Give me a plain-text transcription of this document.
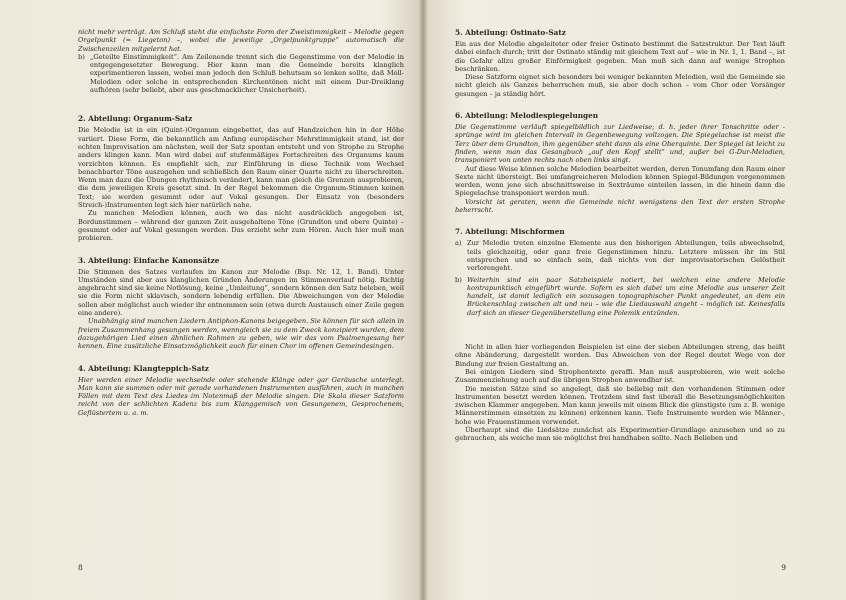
nicht mehr verträgt. Am Schluß steht die einfachste Form der Zweistimmigkeit – Melodie gegen Orgelpunkt (= Liegeton) –, wobei die jeweilige „Orgelpunktgruppe“ automatisch die Zwischenzeilen mitgelernt hat.

b) „Geteilte Einstimmigkeit“. Am Zeilenende trennt sich die Gegenstimme von der Melodie in entgegengesetzter Bewegung. Hier kann man die Gemeinde bereits klanglich experimentieren lassen, wobei man jedoch den Schluß behutsam so lenken sollte, daß Moll-Melodien oder solche in entsprechenden Kirchentönen nicht mit einem Dur-Dreiklang aufhören (sehr beliebt, aber aus geschmacklicher Unsicherheit).
2. Abteilung: Organum-Satz

Die Melodie ist in ein (Quint-)Organum eingebettet, das auf Handzeichen hin in der Höhe variiert. Diese Form, die bekanntlich am Anfang europäischer Mehrstimmigkeit stand, ist der echten Improvisation am nächsten, weil der Satz spontan entsteht und von Strophe zu Strophe anders klingen kann. Man wird dabei auf stufenmäßiges Fortschreiten des Organums kaum verzichten können. Es empfiehlt sich, zur Einführung in diese Technik vom Wechsel benachbarter Töne auszugehen und schließlich den Raum einer Quarte nicht zu überschreiten. Wenn man dazu die Übungen rhythmisch verändert, kann man gleich die Grenzen ausprobieren, die dem jeweiligen Kreis gesetzt sind. In der Regel bekommen die Organum-Stimmen keinen Text; sie werden gesummt oder auf Vokal gesungen. Der Einsatz von (besonders Streich-)Instrumenten legt sich hier natürlich nahe.

Zu manchen Melodien können, auch wo das nicht ausdrücklich angegeben ist, Bordunstimmen – während der ganzen Zeit ausgehaltene Töne (Grundton und obere Quinte) – gesummt oder auf Vokal gesungen werden. Das erzieht sehr zum Hören. Auch hier muß man probieren.

3. Abteilung: Einfache Kanonsätze

Die Stimmen des Satzes verlaufen im Kanon zur Melodie (Bsp. Nr. 12, 1. Band). Unter Umständen sind aber aus klanglichen Gründen Änderungen im Stimmenverlauf nötig. Richtig angebracht sind sie keine Notlösung, keine „Umleitung“, sondern können den Satz beleben, weil sie die Form nicht sklavisch, sondern lebendig erfüllen. Die Abweichungen von der Melodie sollen aber möglichst auch wieder ihr entnommen sein (etwa durch Austausch einer Zeile gegen eine andere).

Unabhängig sind manchen Liedern Antiphon-Kanons beigegeben. Sie können für sich allein in freiem Zusammenhang gesungen werden, wenngleich sie zu dem Zweck konzipiert wurden, dem dazugehörigen Lied einen ähnlichen Rahmen zu geben, wie wir das vom Psalmengesang her kennen. Eine zusätzliche Einsatzmöglichkeit auch für einen Chor im offenen Gemeindesingen.

4. Abteilung: Klangteppich-Satz

Hier werden einer Melodie wechselnde oder stehende Klänge oder gar Geräusche unterlegt. Man kann sie summen oder mit gerade vorhandenen Instrumenten ausführen, auch in manchen Fällen mit dem Text des Liedes im Notenmaß der Melodie singen. Die Skala dieser Satzform reicht von der schlichten Kadenz bis zum Klanggemisch von Gesungenem, Gesprochenem, Geflüstertem u. a. m.

8
5. Abteilung: Ostinato-Satz

Ein aus der Melodie abgeleiteter oder freier Ostinato bestimmt die Satzstruktur. Der Text läuft dabei einfach durch; tritt der Ostinato ständig mit gleichem Text auf – wie in Nr. 1, 1. Band –, ist die Gefahr allzu großer Einförmigkeit gegeben. Man muß sich dann auf wenige Strophen beschränken.

Diese Satzform eignet sich besonders bei weniger bekannten Melodien, weil die Gemeinde sie nicht gleich als Ganzes beherrschen muß, sie aber doch schon – vom Chor oder Vorsänger gesungen – ja ständig hört.

6. Abteilung: Melodiespiegelungen

Die Gegenstimme verläuft spiegelbildlich zur Liedweise; d. h. jeder ihrer Tonschritte oder -sprünge wird im gleichen Intervall in Gegenbewegung vollzogen. Die Spiegelachse ist meist die Terz über dem Grundton, ihm gegenüber steht dann als eine Oberquinte. Der Spiegel ist leicht zu finden, wenn man das Gesangbuch „auf den Kopf stellt“ und, außer bei G-Dur-Melodien, transponiert von unten rechts nach oben links singt.

Auf diese Weise können solche Melodien bearbeitet werden, deren Tonumfang den Raum einer Sexte nicht übersteigt. Bei umfangreicheren Melodien können Spiegel-Bildungen vorgenommen werden, wenn jene sich abschnittsweise in Sexträume einteilen lassen, in die hinein dann die Spiegelachse transponiert werden muß.

Vorsicht ist geraten, wenn die Gemeinde nicht wenigstens den Text der ersten Strophe beherrscht.

7. Abteilung: Mischformen
a) Zur Melodie treten einzelne Elemente aus den bisherigen Abteilungen, teils abwechselnd, teils gleichzeitig, oder ganz freie Gegenstimmen hinzu. Letztere müssen ihr im Stil entsprechen und so einfach sein, daß nichts von der improvisatorischen Gelöstheit verlorengeht.
b) Weiterhin sind ein paar Satzbeispiele notiert, bei welchen eine andere Melodie kontrapunktisch eingeführt wurde. Sofern es sich dabei um eine Melodie aus unserer Zeit handelt, ist damit lediglich ein sozusagen topographischer Punkt angedeutet, an dem ein Brückenschlag zwischen alt und neu – wie die Liedauswahl angeht – möglich ist. Keinesfalls darf sich an dieser Gegenüberstellung eine Polemik entzünden.

Nicht in allen hier vorliegenden Beispielen ist eine der sieben Abteilungen streng, das heißt ohne Abänderung, dargestellt worden. Das Abweichen von der Regel deutet Wege von der Bindung zur freien Gestaltung an.

Bei einigen Liedern sind Strophentexte geraffi. Man muß ausprobieren, wie weit solche Zusammenziehung auch auf die übrigen Strophen anwendbar ist.

Die meisten Sätze sind so angelegt, daß sie beliebig mit den vorhandenen Stimmen oder Instrumenten besetzt werden können. Trotzdem sind fast überall die Besetzungsmöglichkeiten zwischen Klammer angegeben. Man kann jeweils mit einem Blick die günstigste (um z. B. wenige Männerstimmen einsetzen zu können) erkennen kann. Tiefe Instrumente werden wie Männer-, hohe wie Frauenstimmen verwendet.

Überhaupt sind die Liedsätze zunächst als Experimentier-Grundlage anzusehen und so zu gebrauchen, als weiche man sie möglichst frei handhaben sollte. Nach Belieben und

9
